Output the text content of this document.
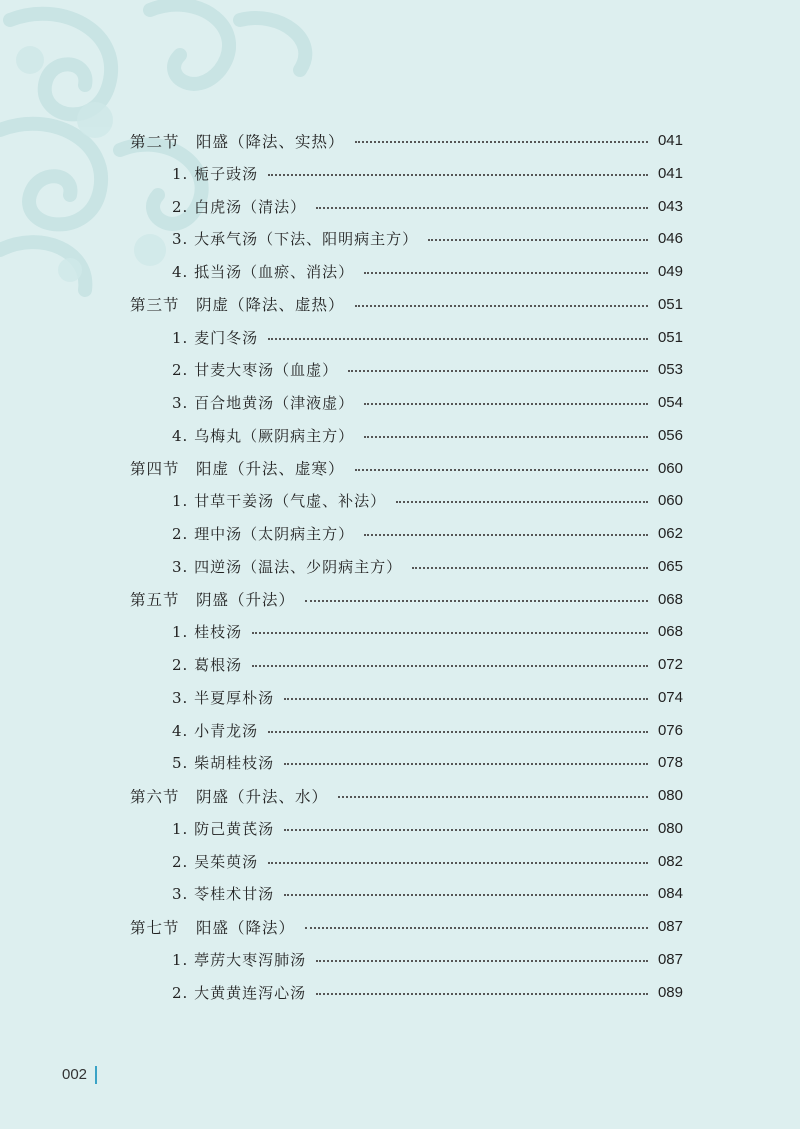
第二节　阳盛（降法、实热）	041
1. 栀子豉汤	041
2. 白虎汤（清法）	043
3. 大承气汤（下法、阳明病主方）	046
4. 抵当汤（血瘀、消法）	049
第三节　阴虚（降法、虚热）	051
1. 麦门冬汤	051
2. 甘麦大枣汤（血虚）	053
3. 百合地黄汤（津液虚）	054
4. 乌梅丸（厥阴病主方）	056
第四节　阳虚（升法、虚寒）	060
1. 甘草干姜汤（气虚、补法）	060
2. 理中汤（太阴病主方）	062
3. 四逆汤（温法、少阴病主方）	065
第五节　阴盛（升法）	068
1. 桂枝汤	068
2. 葛根汤	072
3. 半夏厚朴汤	074
4. 小青龙汤	076
5. 柴胡桂枝汤	078
第六节　阴盛（升法、水）	080
1. 防己黄芪汤	080
2. 吴茱萸汤	082
3. 苓桂术甘汤	084
第七节　阳盛（降法）	087
1. 葶苈大枣泻肺汤	087
2. 大黄黄连泻心汤	089
002
